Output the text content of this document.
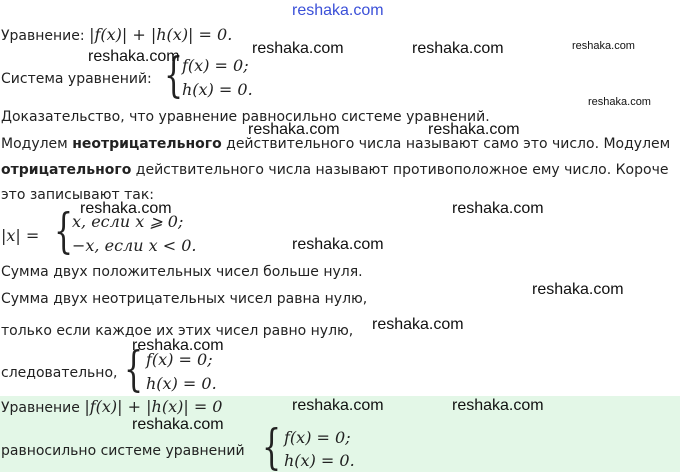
reshaka.com
Уравнение: |f(x)| + |h(x)| = 0.
Система уравнений: {
f(x) = 0;
h(x) = 0.
Доказательство, что уравнение равносильно системе уравнений.
Модулем неотрицательного действительного числа называют само это число. Модулем
отрицательного действительного числа называют противоположное ему число. Короче
это записывают так:
|x| = {
x, если x ⩾ 0;
−x, если x < 0.
Сумма двух положительных чисел больше нуля.
Сумма двух неотрицательных чисел равна нулю,
только если каждое их этих чисел равно нулю,
следовательно, { f(x) = 0;
h(x) = 0.
Уравнение |f(x)| + |h(x)| = 0
равносильно системе уравнений { f(x) = 0;
h(x) = 0.
reshaka.com	reshaka.com	reshaka.com	reshaka.com
reshaka.com
reshaka.com	reshaka.com
reshaka.com	reshaka.com
reshaka.com
reshaka.com
reshaka.com
reshaka.com
reshaka.com	reshaka.com
reshaka.com
